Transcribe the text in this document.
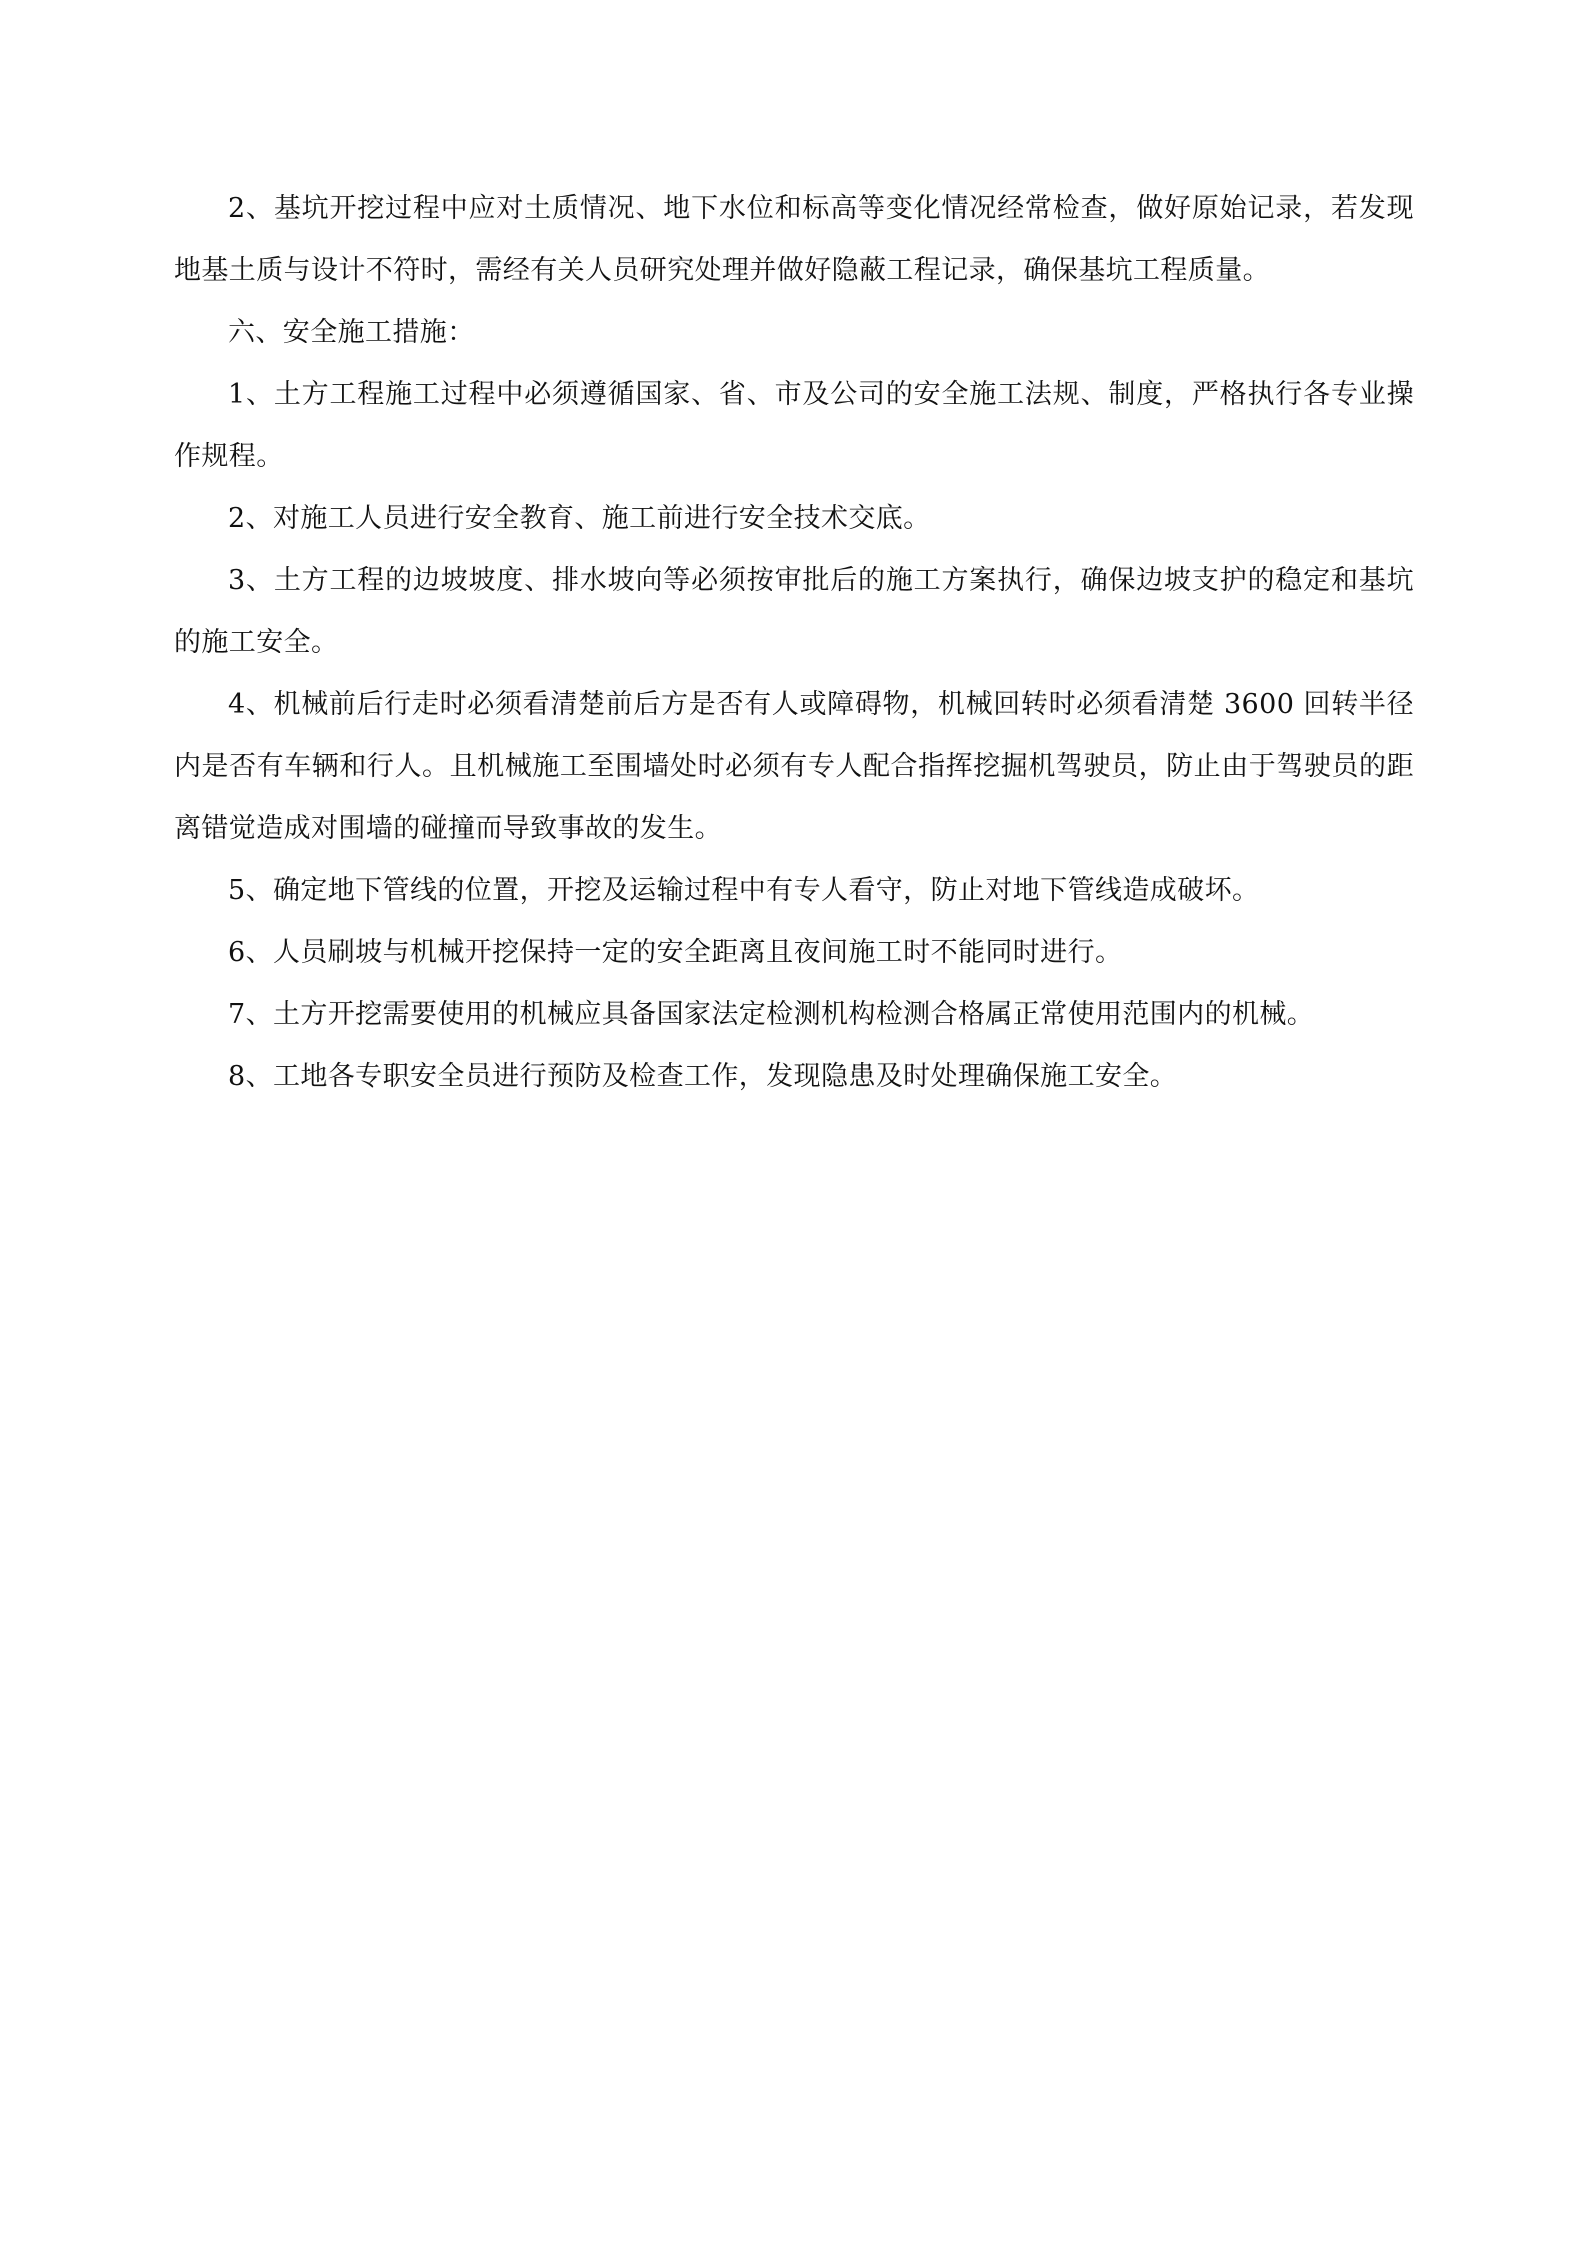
2、基坑开挖过程中应对土质情况、地下水位和标高等变化情况经常检查，做好原始记录，若发现地基土质与设计不符时，需经有关人员研究处理并做好隐蔽工程记录，确保基坑工程质量。

六、安全施工措施：

1、土方工程施工过程中必须遵循国家、省、市及公司的安全施工法规、制度，严格执行各专业操作规程。

2、对施工人员进行安全教育、施工前进行安全技术交底。

3、土方工程的边坡坡度、排水坡向等必须按审批后的施工方案执行，确保边坡支护的稳定和基坑的施工安全。

4、机械前后行走时必须看清楚前后方是否有人或障碍物，机械回转时必须看清楚 3600 回转半径内是否有车辆和行人。且机械施工至围墙处时必须有专人配合指挥挖掘机驾驶员，防止由于驾驶员的距离错觉造成对围墙的碰撞而导致事故的发生。

5、确定地下管线的位置，开挖及运输过程中有专人看守，防止对地下管线造成破坏。

6、人员刷坡与机械开挖保持一定的安全距离且夜间施工时不能同时进行。

7、土方开挖需要使用的机械应具备国家法定检测机构检测合格属正常使用范围内的机械。

8、工地各专职安全员进行预防及检查工作，发现隐患及时处理确保施工安全。
